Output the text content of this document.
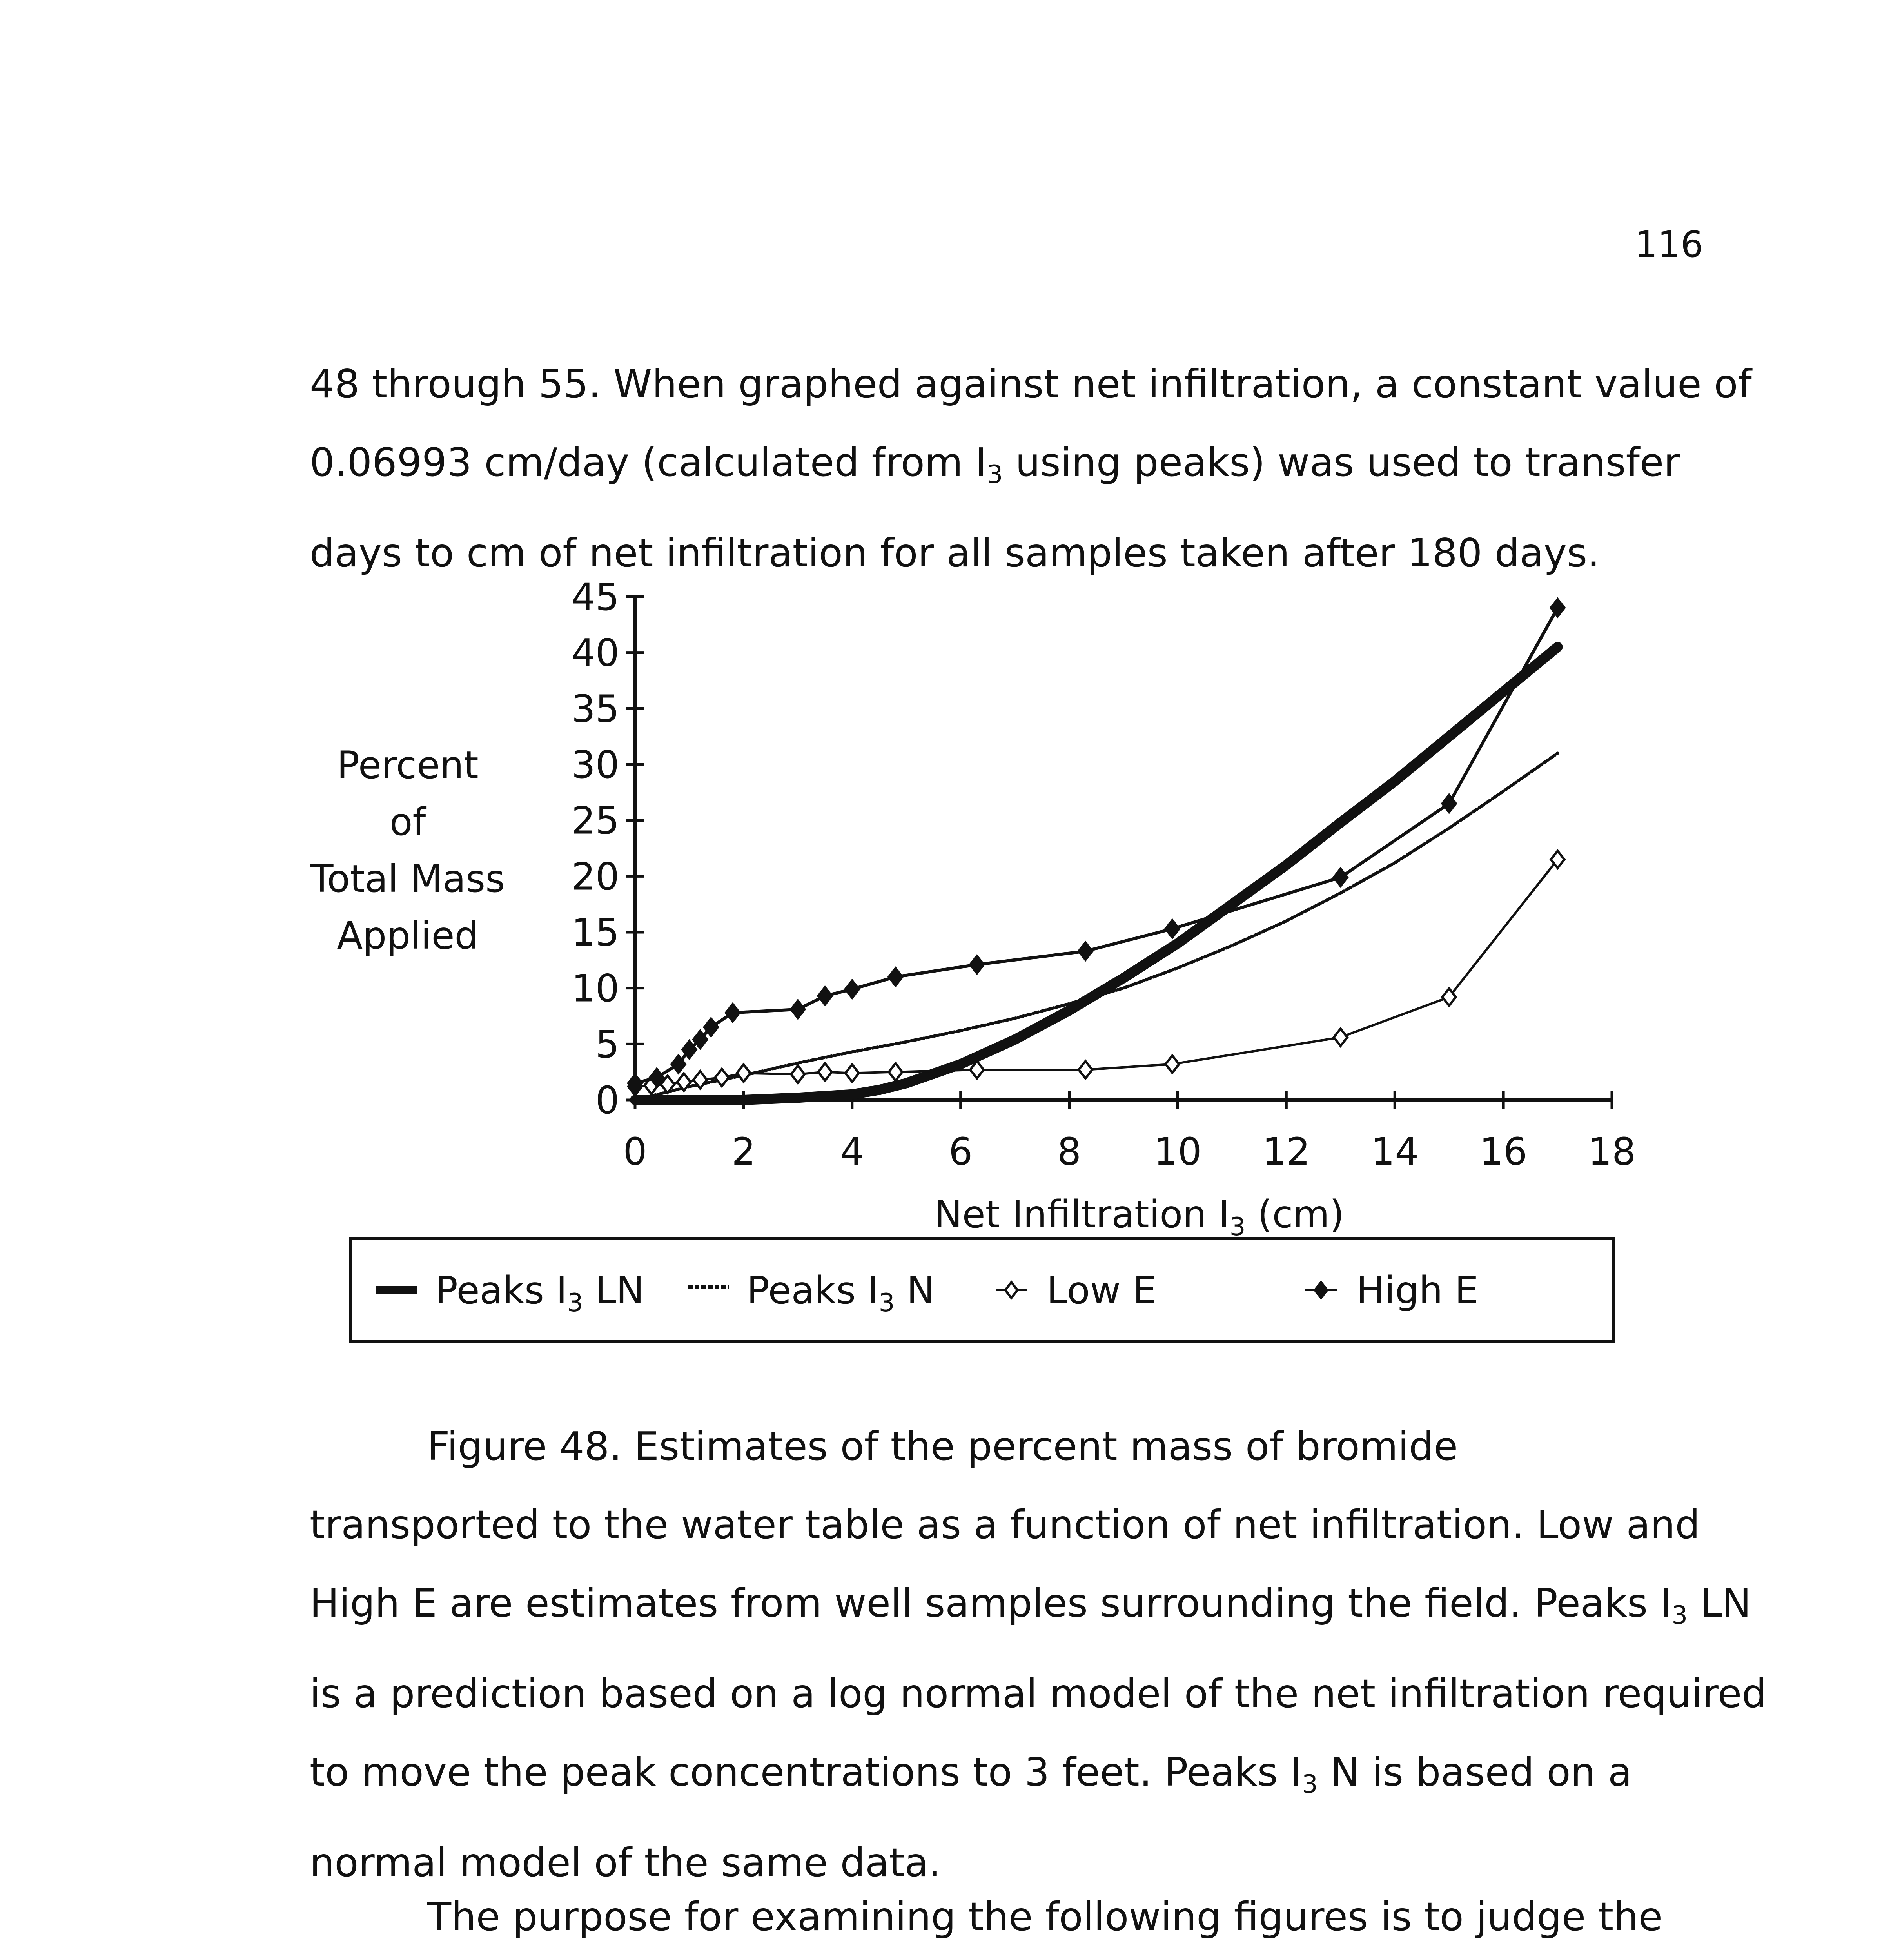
116
48 through 55. When graphed against net infiltration, a constant value of
0.06993 cm/day (calculated from $I_3$ using peaks) was used to transfer
days to cm of net infiltration for all samples taken after 180 days.
0
5
10
15
20
25
30
35
40
45
0 2 4 6 8 10 12 14 16 18
Percent
of
Total Mass
Applied
Net Infiltration $I_3$ (cm)
Peaks $I_3$ LN	Peaks $I_3$ N	Low E	High E
Figure 48. Estimates of the percent mass of bromide
transported to the water table as a function of net infiltration. Low and
High E are estimates from well samples surrounding the field. Peaks $I_3$ LN
is a prediction based on a log normal model of the net infiltration required
to move the peak concentrations to 3 feet. Peaks $I_3$ N is based on a
normal model of the same data.
The purpose for examining the following figures is to judge the
